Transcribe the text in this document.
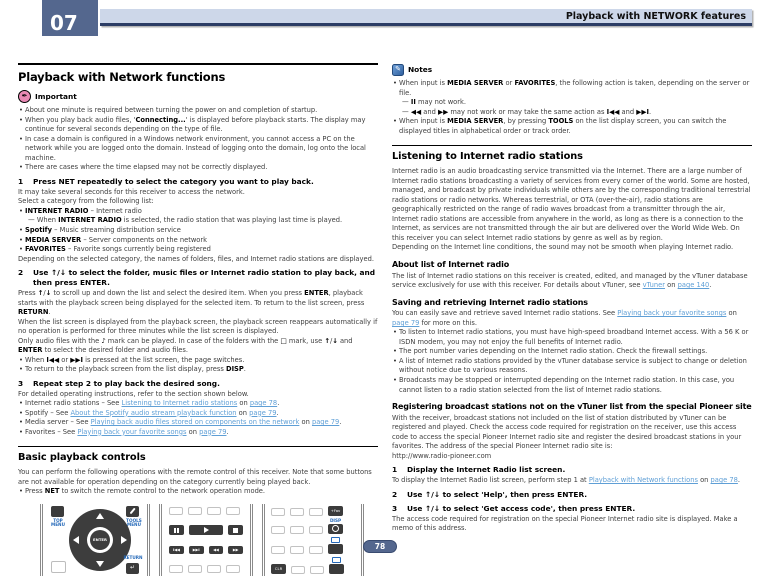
07	Playback with NETWORK features
Playback with Network functions
✒ Important
• About one minute is required between turning the power on and completion of startup.
• When you play back audio files, 'Connecting...' is displayed before playback starts. The display may continue for several seconds depending on the type of file.
• In case a domain is configured in a Windows network environment, you cannot access a PC on the network while you are logged onto the domain. Instead of logging onto the domain, log onto the local machine.
• There are cases where the time elapsed may not be correctly displayed.
1	Press NET repeatedly to select the category you want to play back.

It may take several seconds for this receiver to access the network.

Select a category from the following list:

• INTERNET RADIO – Internet radio
— When INTERNET RADIO is selected, the radio station that was playing last time is played.
• Spotify – Music streaming distribution service
• MEDIA SERVER – Server components on the network
• FAVORITES – Favorite songs currently being registered

Depending on the selected category, the names of folders, files, and Internet radio stations are displayed.

2	Use ↑/↓ to select the folder, music files or Internet radio station to play back, and then press ENTER.

Press ↑/↓ to scroll up and down the list and select the desired item. When you press ENTER, playback starts with the playback screen being displayed for the selected item. To return to the list screen, press RETURN.

When the list screen is displayed from the playback screen, the playback screen reappears automatically if no operation is performed for three minutes while the list screen is displayed.

Only audio files with the ♪ mark can be played. In case of the folders with the □ mark, use ↑/↓ and ENTER to select the desired folder and audio files.

• When I◀◀ or ▶▶I is pressed at the list screen, the page switches.
• To return to the playback screen from the list display, press DISP.
3	Repeat step 2 to play back the desired song.

For detailed operating instructions, refer to the section shown below.

• Internet radio stations – See Listening to Internet radio stations on page 78.
• Spotify – See About the Spotify audio stream playback function on page 79.
• Media server – See Playing back audio files stored on components on the network on page 79.
• Favorites – See Playing back your favorite songs on page 79.
Basic playback controls

You can perform the following operations with the remote control of this receiver. Note that some buttons are not available for operation depending on the category currently being played back.

• Press NET to switch the remote control to the network operation mode.
TOP MENU
TOOLS MENU
ENTER
RETURN
↵
I◀◀	▶▶I	◀◀	▶▶
+Fav
DISP
CLR
✎ Notes
• When input is MEDIA SERVER or FAVORITES, the following action is taken, depending on the server or file.
— II may not work.
— ◀◀ and ▶▶ may not work or may take the same action as I◀◀ and ▶▶I.
• When input is MEDIA SERVER, by pressing TOOLS on the list display screen, you can switch the displayed titles in alphabetical order or track order.
Listening to Internet radio stations

Internet radio is an audio broadcasting service transmitted via the Internet. There are a large number of Internet radio stations broadcasting a variety of services from every corner of the world. Some are hosted, managed, and broadcast by private individuals while others are by the corresponding traditional terrestrial radio stations or radio networks. Whereas terrestrial, or OTA (over-the-air), radio stations are geographically restricted on the range of radio waves broadcast from a transmitter through the air, Internet radio stations are accessible from anywhere in the world, as long as there is a connection to the Internet, as services are not transmitted through the air but are delivered over the World Wide Web. On this receiver you can select Internet radio stations by genre as well as by region.

Depending on the Internet line conditions, the sound may not be smooth when playing Internet radio.

About list of Internet radio

The list of Internet radio stations on this receiver is created, edited, and managed by the vTuner database service exclusively for use with this receiver. For details about vTuner, see vTuner on page 140.

Saving and retrieving Internet radio stations

You can easily save and retrieve saved Internet radio stations. See Playing back your favorite songs on page 79 for more on this.

• To listen to Internet radio stations, you must have high-speed broadband Internet access. With a 56 K or ISDN modem, you may not enjoy the full benefits of Internet radio.
• The port number varies depending on the Internet radio station. Check the firewall settings.
• A list of Internet radio stations provided by the vTuner database service is subject to change or deletion without notice due to various reasons.
• Broadcasts may be stopped or interrupted depending on the Internet radio station. In this case, you cannot listen to a radio station selected from the list of Internet radio stations.
Registering broadcast stations not on the vTuner list from the special Pioneer site

With the receiver, broadcast stations not included on the list of station distributed by vTuner can be registered and played. Check the access code required for registration on the receiver, use this access code to access the special Pioneer Internet radio site and register the desired broadcast stations in your favorites. The address of the special Pioneer Internet radio site is:

http://www.radio-pioneer.com

1	Display the Internet Radio list screen.

To display the Internet Radio list screen, perform step 1 at Playback with Network functions on page 78.

2	Use ↑/↓ to select 'Help', then press ENTER.
3	Use ↑/↓ to select 'Get access code', then press ENTER.

The access code required for registration on the special Pioneer Internet radio site is displayed. Make a memo of this address.

78
